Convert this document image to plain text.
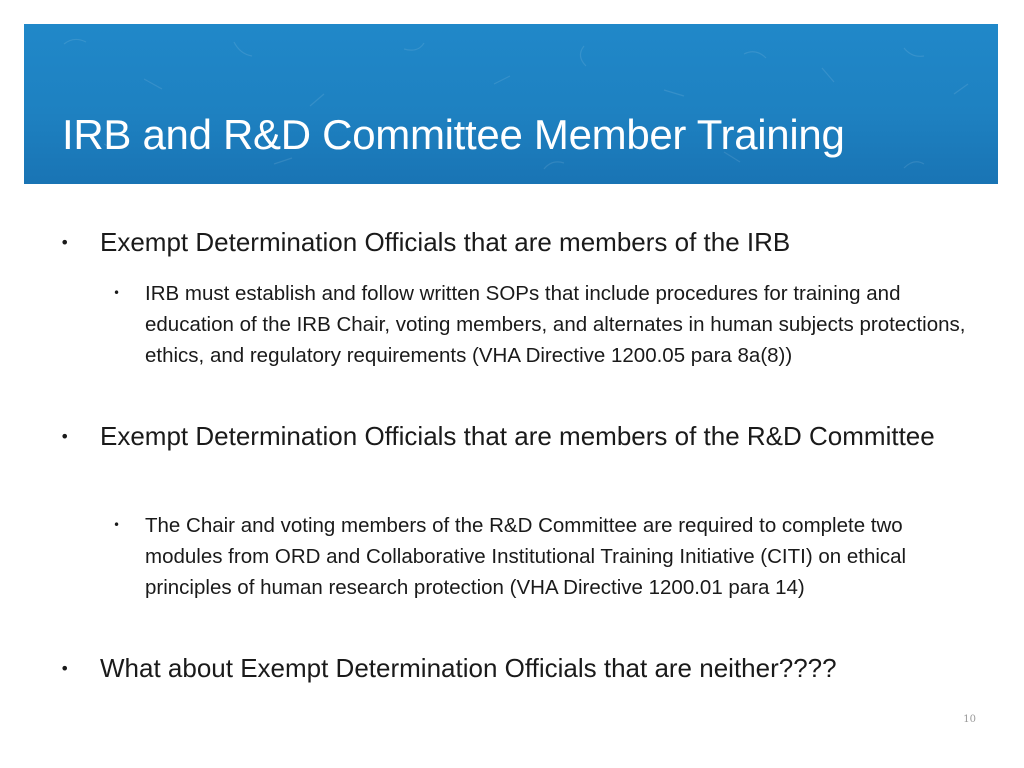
IRB and R&D Committee Member Training
• Exempt Determination Officials that are members of the IRB

• IRB must establish and follow written SOPs that include procedures for training and education of the IRB Chair, voting members, and alternates in human subjects protections, ethics, and regulatory requirements (VHA Directive 1200.05 para 8a(8))

• Exempt Determination Officials that are members of the R&D Committee

• The Chair and voting members of the R&D Committee are required to complete two modules from ORD and Collaborative Institutional Training Initiative (CITI) on ethical principles of human research protection (VHA Directive 1200.01 para 14)

• What about Exempt Determination Officials that are neither????

10
